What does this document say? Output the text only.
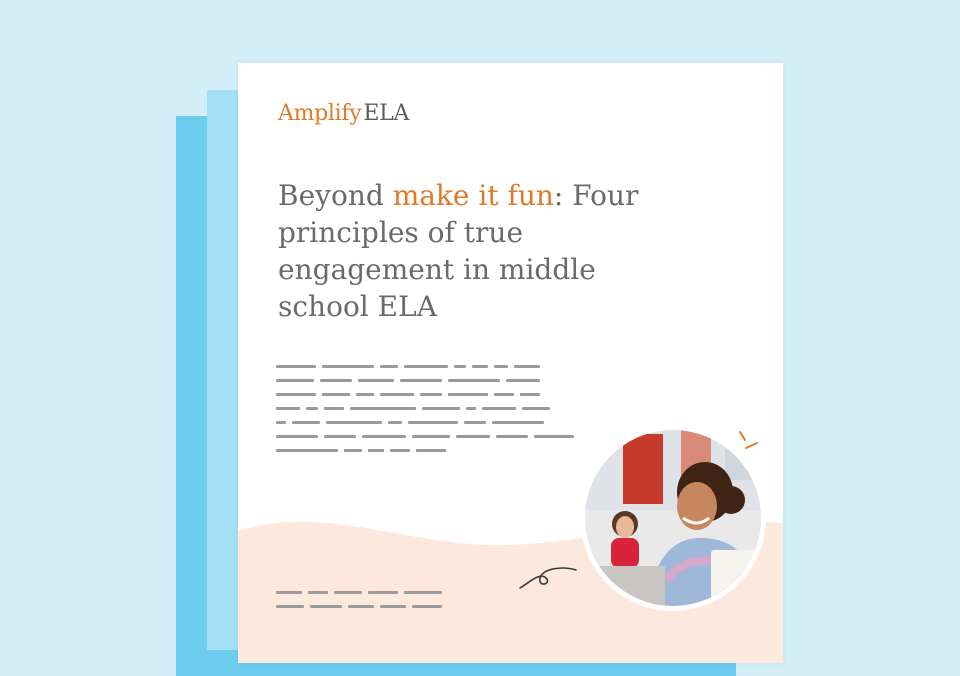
AmplifyELA
Beyond make it fun: Four principles of true engagement in middle school ELA
